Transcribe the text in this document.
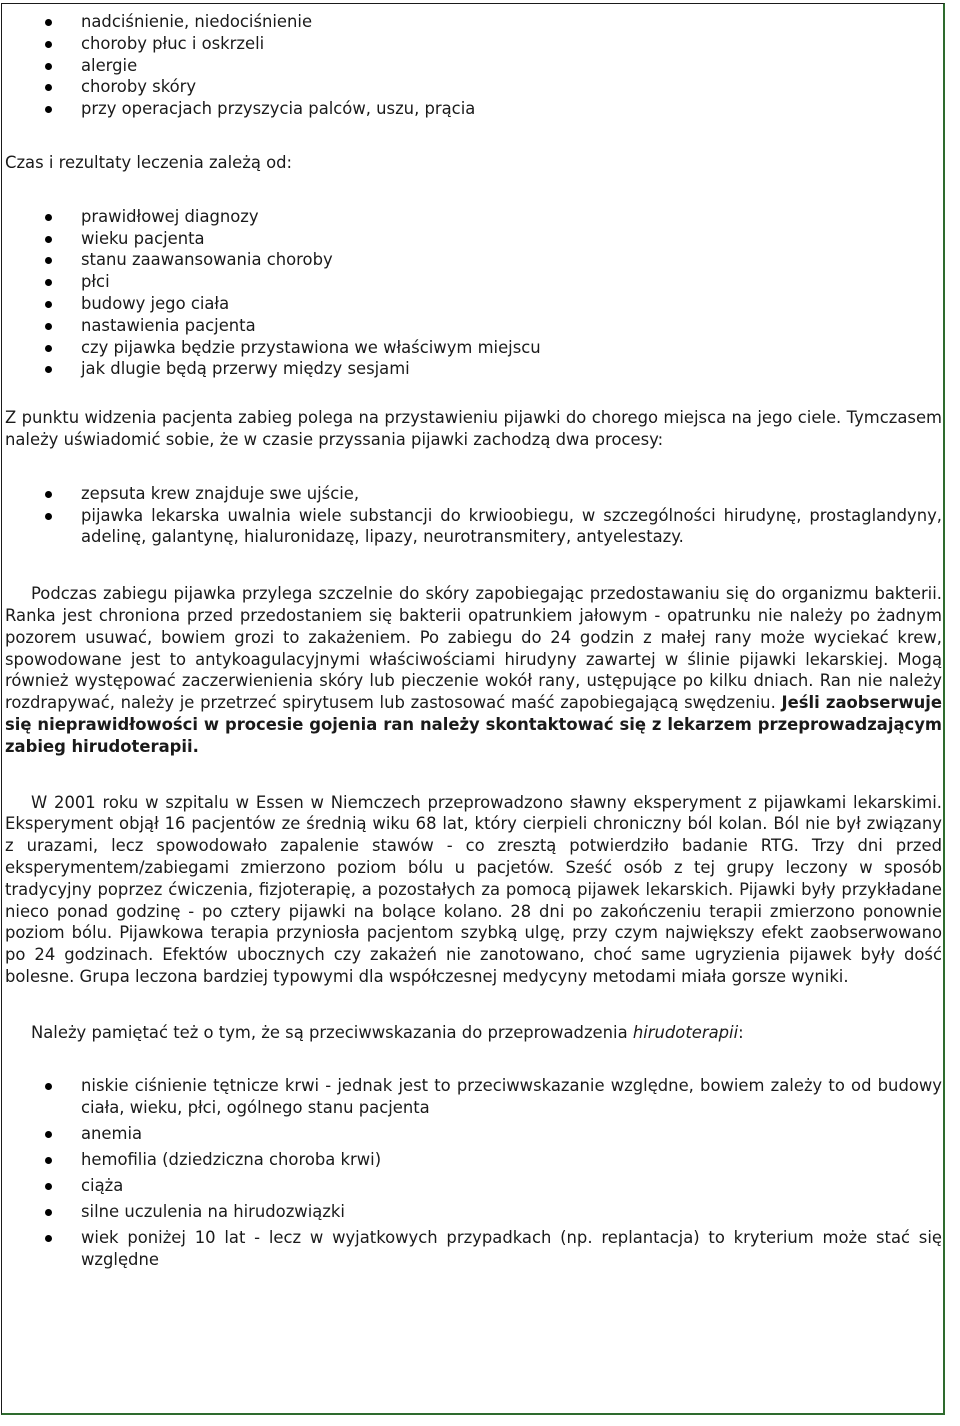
nadciśnienie, niedociśnienie
choroby płuc i oskrzeli
alergie
choroby skóry
przy operacjach przyszycia palców, uszu, prącia

Czas i rezultaty leczenia zależą od:

prawidłowej diagnozy
wieku pacjenta
stanu zaawansowania choroby
płci
budowy jego ciała
nastawienia pacjenta
czy pijawka będzie przystawiona we właściwym miejscu
jak dlugie będą przerwy między sesjami

Z punktu widzenia pacjenta zabieg polega na przystawieniu pijawki do chorego miejsca na jego ciele. Tymczasem należy uświadomić sobie, że w czasie przyssania pijawki zachodzą dwa procesy:

zepsuta krew znajduje swe ujście,
pijawka lekarska uwalnia wiele substancji do krwioobiegu, w szczególności hirudynę, prostaglandyny, adelinę, galantynę, hialuronidazę, lipazy, neurotransmitery, antyelestazy.

Podczas zabiegu pijawka przylega szczelnie do skóry zapobiegając przedostawaniu się do organizmu bakterii. Ranka jest chroniona przed przedostaniem się bakterii opatrunkiem jałowym - opatrunku nie należy po żadnym pozorem usuwać, bowiem grozi to zakażeniem. Po zabiegu do 24 godzin z małej rany może wyciekać krew, spowodowane jest to antykoagulacyjnymi właściwościami hirudyny zawartej w ślinie pijawki lekarskiej. Mogą również występować zaczerwienienia skóry lub pieczenie wokół rany, ustępujące po kilku dniach. Ran nie należy rozdrapywać, należy je przetrzeć spirytusem lub zastosować maść zapobiegającą swędzeniu. Jeśli zaobserwuje się nieprawidłowości w procesie gojenia ran należy skontaktować się z lekarzem przeprowadzającym zabieg hirudoterapii.

W 2001 roku w szpitalu w Essen w Niemczech przeprowadzono sławny eksperyment z pijawkami lekarskimi. Eksperyment objął 16 pacjentów ze średnią wiku 68 lat, który cierpieli chroniczny ból kolan. Ból nie był związany z urazami, lecz spowodowało zapalenie stawów - co zresztą potwierdziło badanie RTG. Trzy dni przed eksperymentem/zabiegami zmierzono poziom bólu u pacjetów. Sześć osób z tej grupy leczony w sposób tradycyjny poprzez ćwiczenia, fizjoterapię, a pozostałych za pomocą pijawek lekarskich. Pijawki były przykładane nieco ponad godzinę - po cztery pijawki na bolące kolano. 28 dni po zakończeniu terapii zmierzono ponownie poziom bólu. Pijawkowa terapia przyniosła pacjentom szybką ulgę, przy czym największy efekt zaobserwowano po 24 godzinach. Efektów ubocznych czy zakażeń nie zanotowano, choć same ugryzienia pijawek były dość bolesne. Grupa leczona bardziej typowymi dla współczesnej medycyny metodami miała gorsze wyniki.

Należy pamiętać też o tym, że są przeciwwskazania do przeprowadzenia hirudoterapii:

niskie ciśnienie tętnicze krwi - jednak jest to przeciwwskazanie względne, bowiem zależy to od budowy ciała, wieku, płci, ogólnego stanu pacjenta
anemia
hemofilia (dziedziczna choroba krwi)
ciąża
silne uczulenia na hirudozwiązki
wiek poniżej 10 lat - lecz w wyjatkowych przypadkach (np. replantacja) to kryterium może stać się względne
